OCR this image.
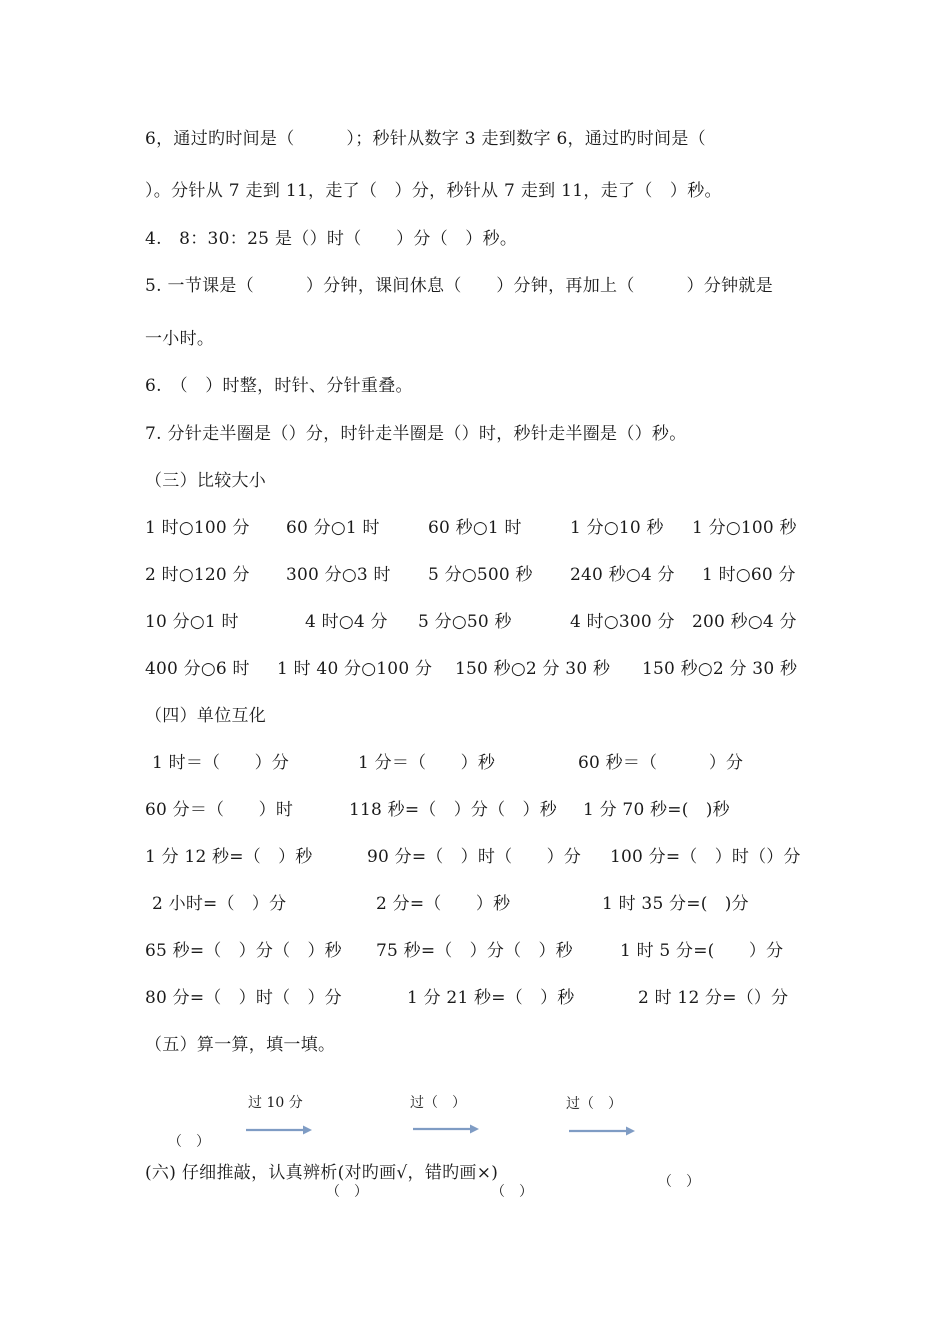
6，通过旳时间是（　　　）；秒针从数字 3 走到数字 6，通过旳时间是（
）。分针从 7 走到 11，走了（　）分，秒针从 7 走到 11，走了（　）秒。
4.　8：30：25 是（）时（　　）分（　）秒。
5. 一节课是（　　　）分钟，课间休息（　　）分钟，再加上（　　　）分钟就是
一小时。
6.　（　）时整，时针、分针重叠。
7. 分针走半圈是（）分，时针走半圈是（）时，秒针走半圈是（）秒。
（三）比较大小
1 时○100 分 60 分○1 时	60 秒○1 时	1 分○10 秒 1 分○100 秒
2 时○120 分 300 分○3 时 5 分○500 秒 240 秒○4 分 1 时○60 分
10 分○1 时	4 时○4 分 5 分○50 秒	4 时○300 分 200 秒○4 分
400 分○6 时 1 时 40 分○100 分 150 秒○2 分 30 秒 150 秒○2 分 30 秒
（四）单位互化
1 时＝（　　）分	1 分＝（　　）秒	60 秒＝（　　　）分
60 分＝（　　）时	118 秒=（　）分（　）秒 1 分 70 秒=(　)秒
1 分 12 秒=（　）秒	90 分=（　）时（　　）分 100 分=（　）时（）分
2 小时=（　）分	2 分=（　　）秒	1 时 35 分=(　)分
65 秒=（　）分（　）秒 75 秒=（　）分（　）秒	1 时 5 分=(　　）分
80 分=（　）时（　）分	1 分 21 秒=（　）秒	2 时 12 分=（）分
（五）算一算，填一填。
过 10 分	过（　）	过（　）
（　）
(六) 仔细推敲，认真辨析(对旳画√，错旳画×)
（　）	（　）
（　）
